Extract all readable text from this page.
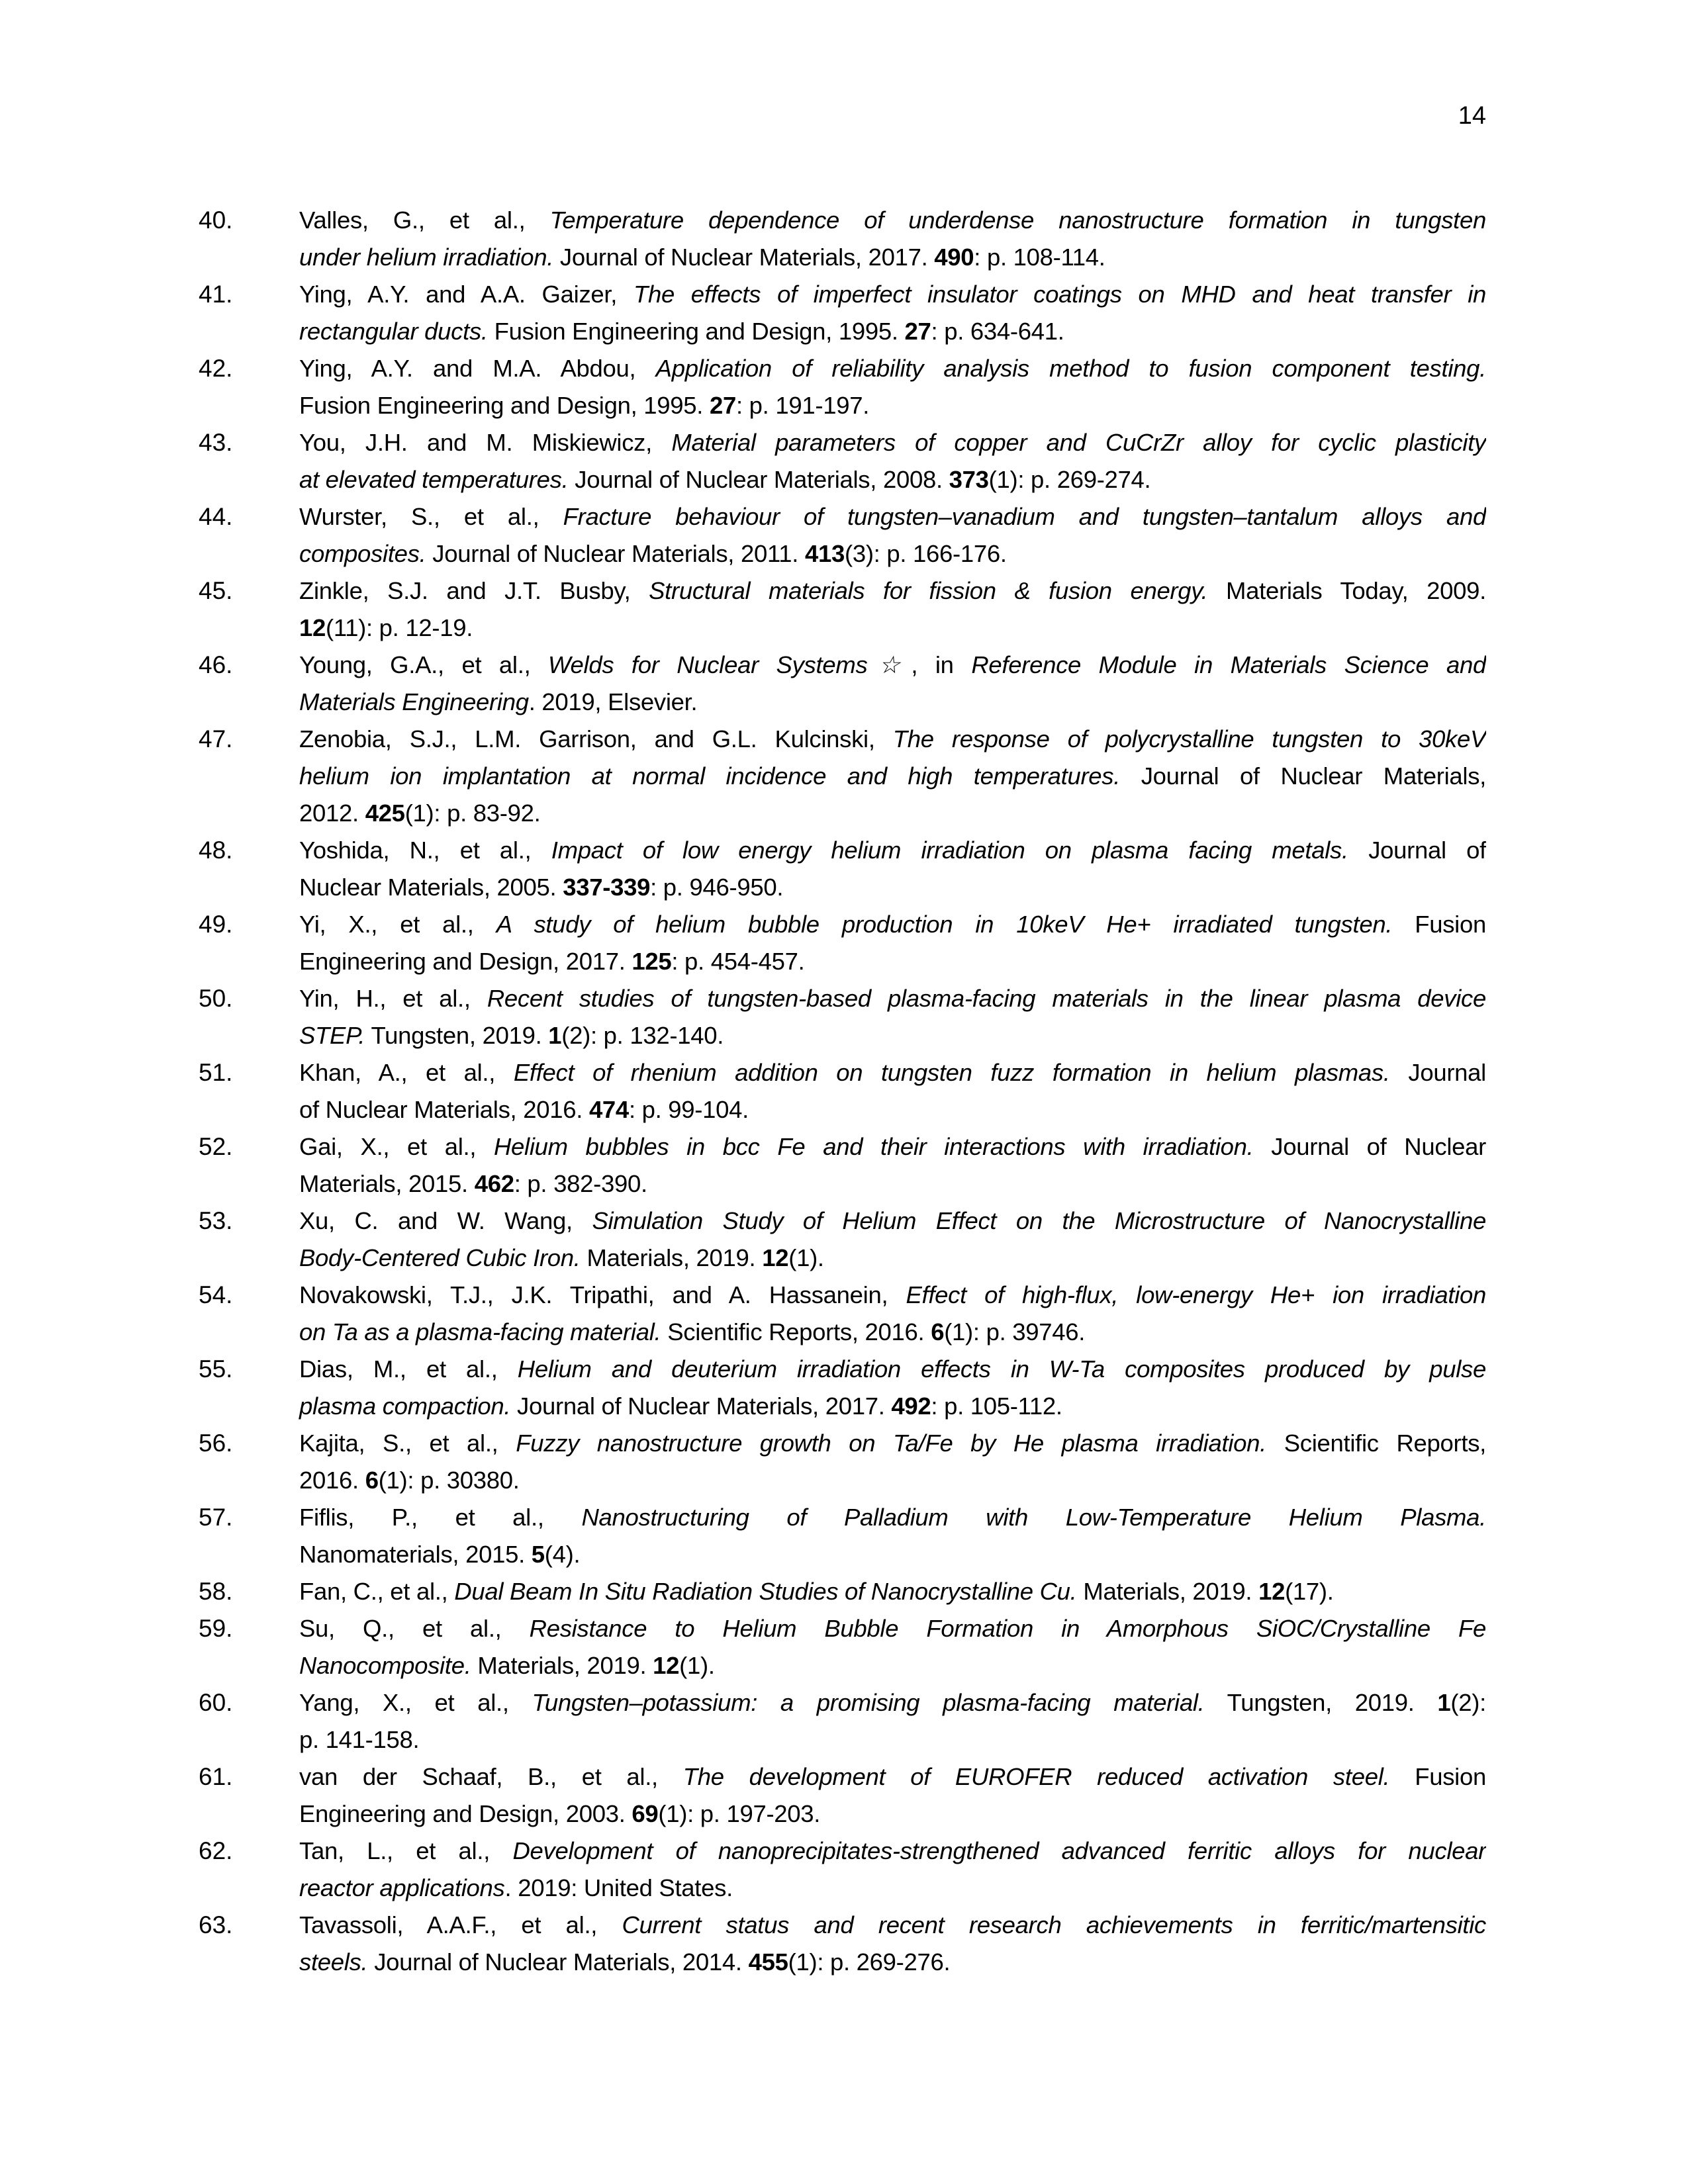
14
40.	Valles, G., et al., Temperature dependence of underdense nanostructure formation in tungsten
under helium irradiation. Journal of Nuclear Materials, 2017. 490: p. 108-114.
41.	Ying, A.Y. and A.A. Gaizer, The effects of imperfect insulator coatings on MHD and heat transfer in
rectangular ducts. Fusion Engineering and Design, 1995. 27: p. 634-641.
42.	Ying, A.Y. and M.A. Abdou, Application of reliability analysis method to fusion component testing.
Fusion Engineering and Design, 1995. 27: p. 191-197.
43.	You, J.H. and M. Miskiewicz, Material parameters of copper and CuCrZr alloy for cyclic plasticity
at elevated temperatures. Journal of Nuclear Materials, 2008. 373(1): p. 269-274.
44.	Wurster, S., et al., Fracture behaviour of tungsten–vanadium and tungsten–tantalum alloys and
composites. Journal of Nuclear Materials, 2011. 413(3): p. 166-176.
45.	Zinkle, S.J. and J.T. Busby, Structural materials for fission & fusion energy. Materials Today, 2009.
12(11): p. 12-19.
46.	Young, G.A., et al., Welds for Nuclear Systems☆, in Reference Module in Materials Science and
Materials Engineering. 2019, Elsevier.
47.	Zenobia, S.J., L.M. Garrison, and G.L. Kulcinski, The response of polycrystalline tungsten to 30keV
helium ion implantation at normal incidence and high temperatures. Journal of Nuclear Materials,
2012. 425(1): p. 83-92.
48.	Yoshida, N., et al., Impact of low energy helium irradiation on plasma facing metals. Journal of
Nuclear Materials, 2005. 337-339: p. 946-950.
49.	Yi, X., et al., A study of helium bubble production in 10keV He+ irradiated tungsten. Fusion
Engineering and Design, 2017. 125: p. 454-457.
50.	Yin, H., et al., Recent studies of tungsten-based plasma-facing materials in the linear plasma device
STEP. Tungsten, 2019. 1(2): p. 132-140.
51.	Khan, A., et al., Effect of rhenium addition on tungsten fuzz formation in helium plasmas. Journal
of Nuclear Materials, 2016. 474: p. 99-104.
52.	Gai, X., et al., Helium bubbles in bcc Fe and their interactions with irradiation. Journal of Nuclear
Materials, 2015. 462: p. 382-390.
53.	Xu, C. and W. Wang, Simulation Study of Helium Effect on the Microstructure of Nanocrystalline
Body-Centered Cubic Iron. Materials, 2019. 12(1).
54.	Novakowski, T.J., J.K. Tripathi, and A. Hassanein, Effect of high-flux, low-energy He+ ion irradiation
on Ta as a plasma-facing material. Scientific Reports, 2016. 6(1): p. 39746.
55.	Dias, M., et al., Helium and deuterium irradiation effects in W-Ta composites produced by pulse
plasma compaction. Journal of Nuclear Materials, 2017. 492: p. 105-112.
56.	Kajita, S., et al., Fuzzy nanostructure growth on Ta/Fe by He plasma irradiation. Scientific Reports,
2016. 6(1): p. 30380.
57.	Fiflis, P., et al., Nanostructuring of Palladium with Low-Temperature Helium Plasma.
Nanomaterials, 2015. 5(4).
58.	Fan, C., et al., Dual Beam In Situ Radiation Studies of Nanocrystalline Cu. Materials, 2019. 12(17).
59.	Su, Q., et al., Resistance to Helium Bubble Formation in Amorphous SiOC/Crystalline Fe
Nanocomposite. Materials, 2019. 12(1).
60.	Yang, X., et al., Tungsten–potassium: a promising plasma-facing material. Tungsten, 2019. 1(2):
p. 141-158.
61.	van der Schaaf, B., et al., The development of EUROFER reduced activation steel. Fusion
Engineering and Design, 2003. 69(1): p. 197-203.
62.	Tan, L., et al., Development of nanoprecipitates-strengthened advanced ferritic alloys for nuclear
reactor applications. 2019: United States.
63.	Tavassoli, A.A.F., et al., Current status and recent research achievements in ferritic/martensitic
steels. Journal of Nuclear Materials, 2014. 455(1): p. 269-276.
